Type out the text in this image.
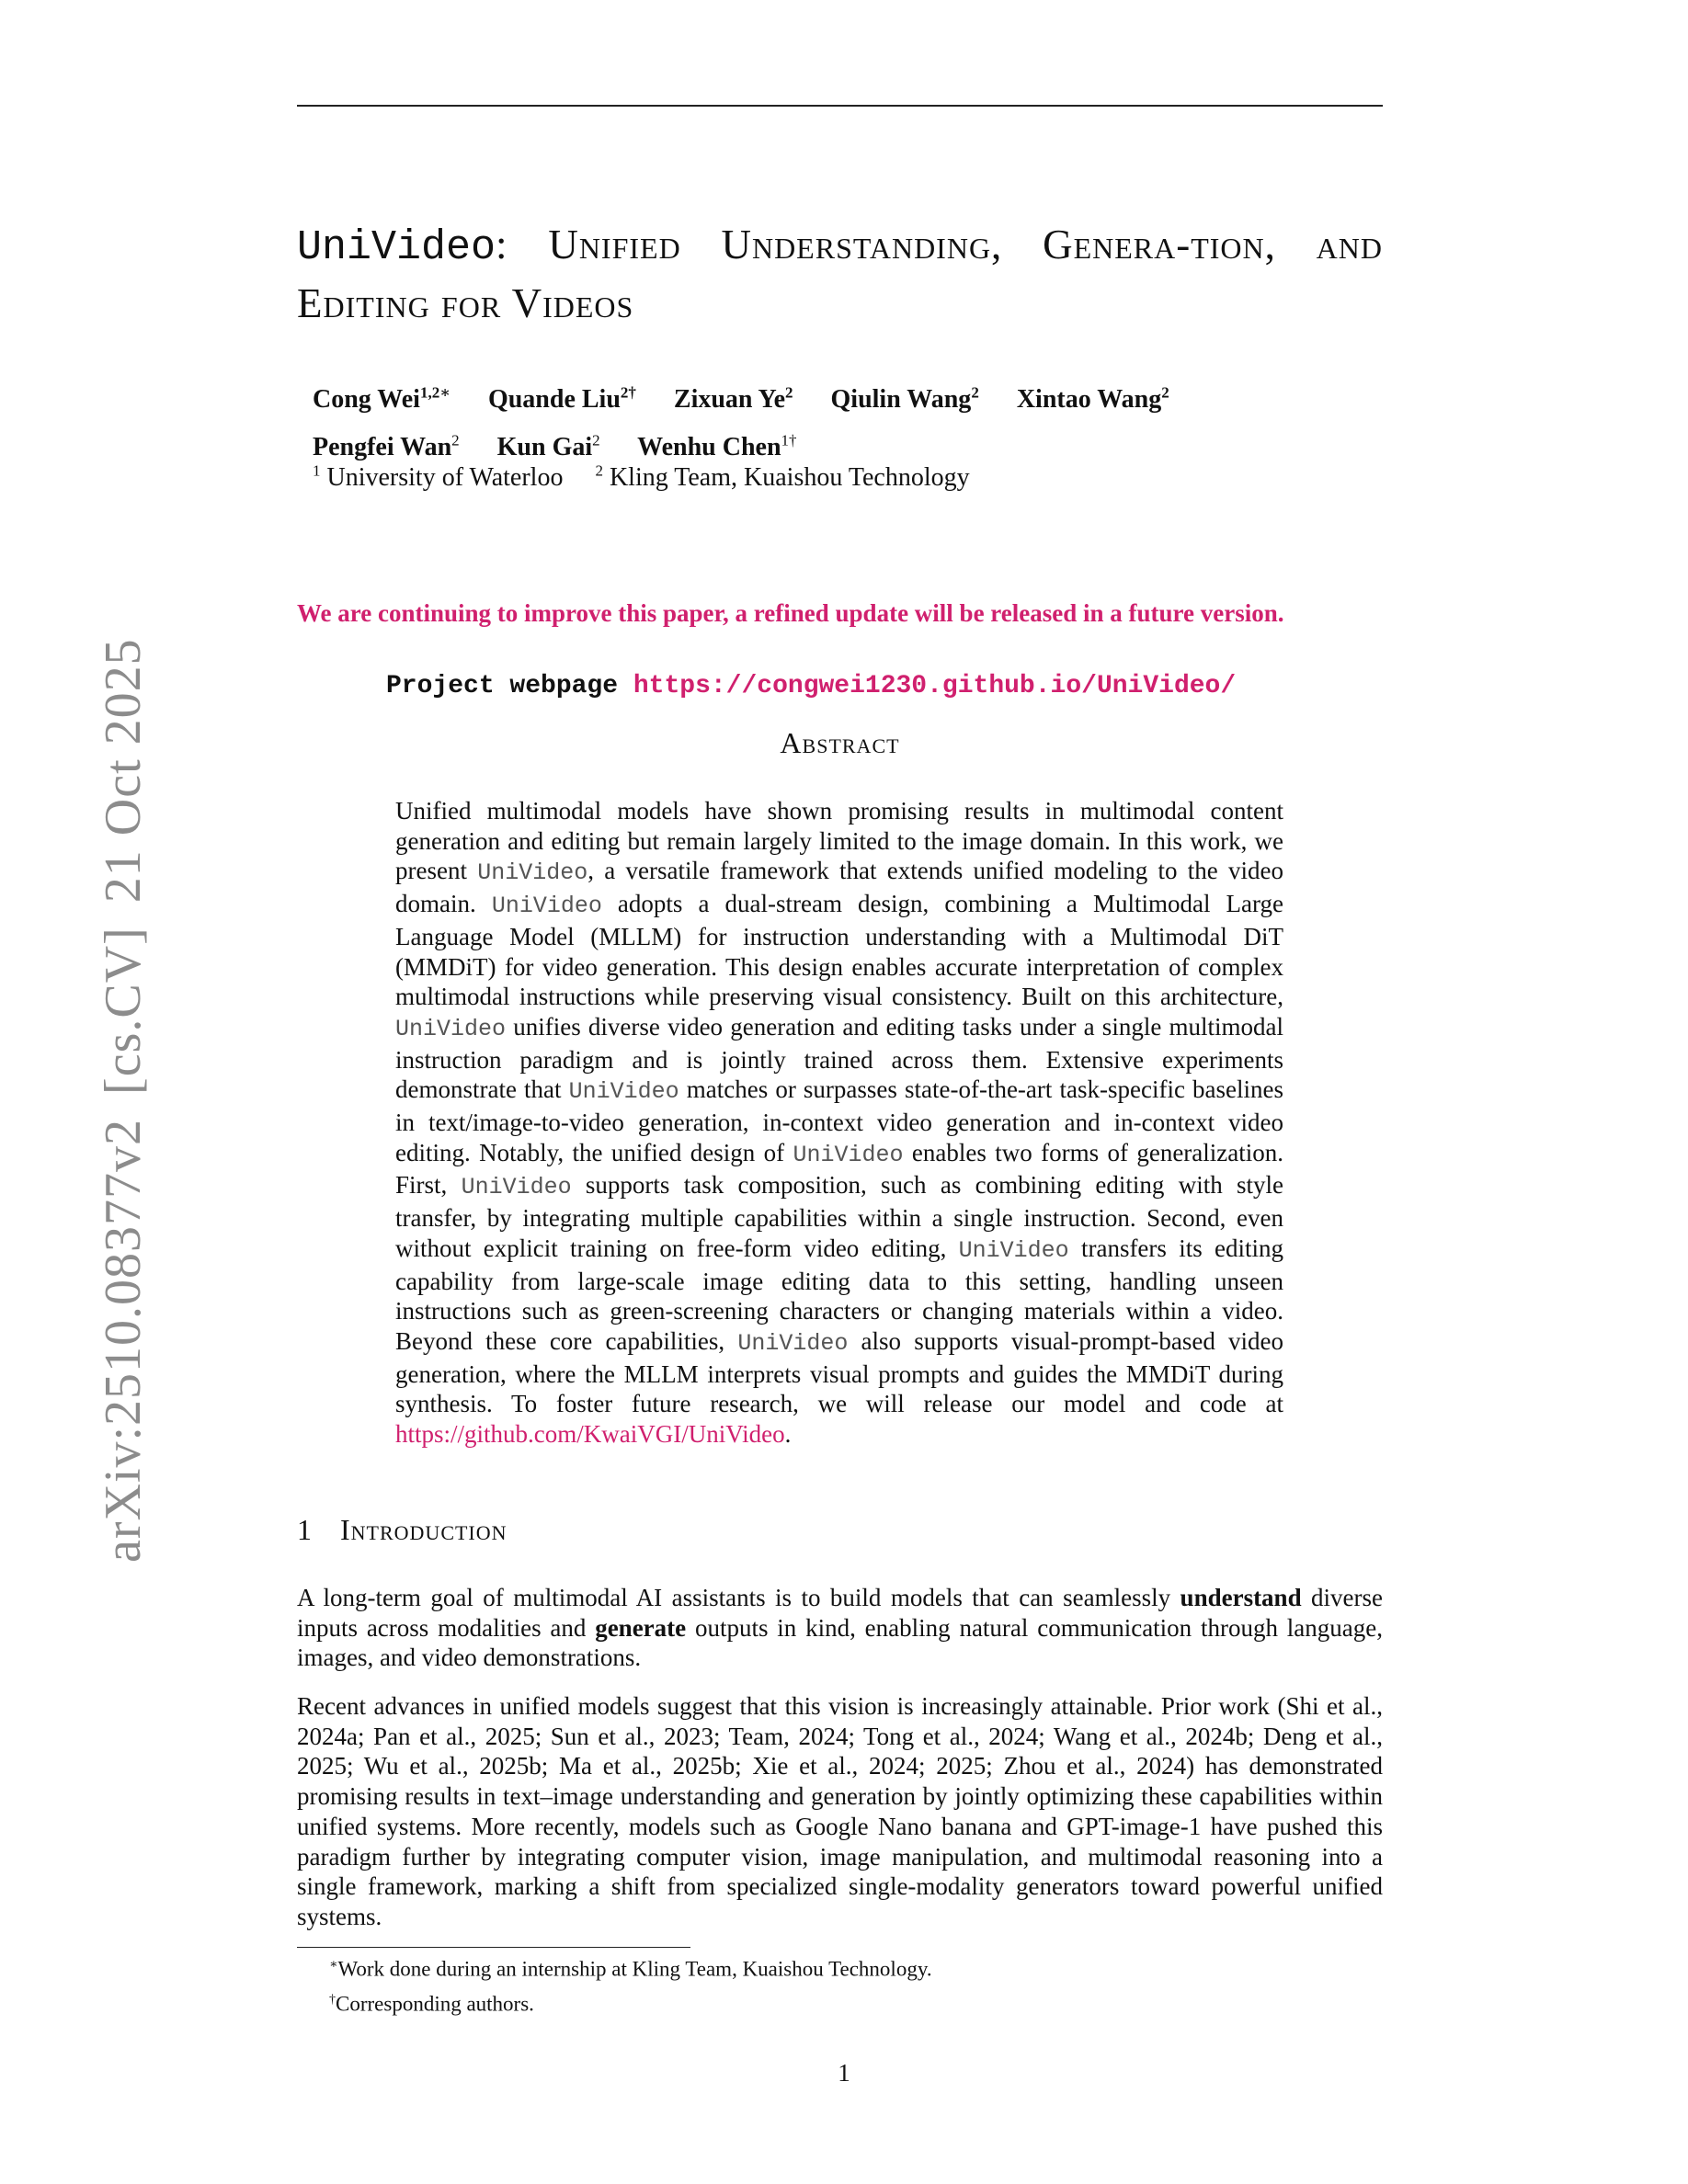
arXiv:2510.08377v2[cs.CV]21 Oct 2025
UniVideo: Unified Understanding, Genera-tion, and Editing for Videos
Cong Wei$^{1,2∗}$ Quande Liu$^{2\dagger}$ Zixuan Ye$^2$ Qiulin Wang$^2$ Xintao Wang$^2$
Pengfei Wan$^2$ Kun Gai$^2$ Wenhu Chen$^{1\dagger}$
$^1$ University of Waterloo $^2$ Kling Team, Kuaishou Technology
We are continuing to improve this paper, a refined update will be released in a future version.
Project webpage https://congwei1230.github.io/UniVideo/
Abstract
Unified multimodal models have shown promising results in multimodal content generation and editing but remain largely limited to the image domain. In this work, we present UniVideo, a versatile framework that extends unified modeling to the video domain. UniVideo adopts a dual-stream design, combining a Multimodal Large Language Model (MLLM) for instruction understanding with a Multimodal DiT (MMDiT) for video generation. This design enables accurate interpretation of complex multimodal instructions while preserving visual consistency. Built on this architecture, UniVideo unifies diverse video generation and editing tasks under a single multimodal instruction paradigm and is jointly trained across them. Extensive experiments demonstrate that UniVideo matches or surpasses state-of-the-art task-specific baselines in text/image-to-video generation, in-context video generation and in-context video editing. Notably, the unified design of UniVideo enables two forms of generalization. First, UniVideo supports task composition, such as combining editing with style transfer, by integrating multiple capabilities within a single instruction. Second, even without explicit training on free-form video editing, UniVideo transfers its editing capability from large-scale image editing data to this setting, handling unseen instructions such as green-screening characters or changing materials within a video. Beyond these core capabilities, UniVideo also supports visual-prompt-based video generation, where the MLLM interprets visual prompts and guides the MMDiT during synthesis. To foster future research, we will release our model and code at https://github.com/KwaiVGI/UniVideo.
1 Introduction
A long-term goal of multimodal AI assistants is to build models that can seamlessly understand diverse inputs across modalities and generate outputs in kind, enabling natural communication through language, images, and video demonstrations.
Recent advances in unified models suggest that this vision is increasingly attainable. Prior work (Shi et al., 2024a; Pan et al., 2025; Sun et al., 2023; Team, 2024; Tong et al., 2024; Wang et al., 2024b; Deng et al., 2025; Wu et al., 2025b; Ma et al., 2025b; Xie et al., 2024; 2025; Zhou et al., 2024) has demonstrated promising results in text–image understanding and generation by jointly optimizing these capabilities within unified systems. More recently, models such as Google Nano banana and GPT-image-1 have pushed this paradigm further by integrating computer vision, image manipulation, and multimodal reasoning into a single framework, marking a shift from specialized single-modality generators toward powerful unified systems.
∗Work done during an internship at Kling Team, Kuaishou Technology.
†Corresponding authors.
1
